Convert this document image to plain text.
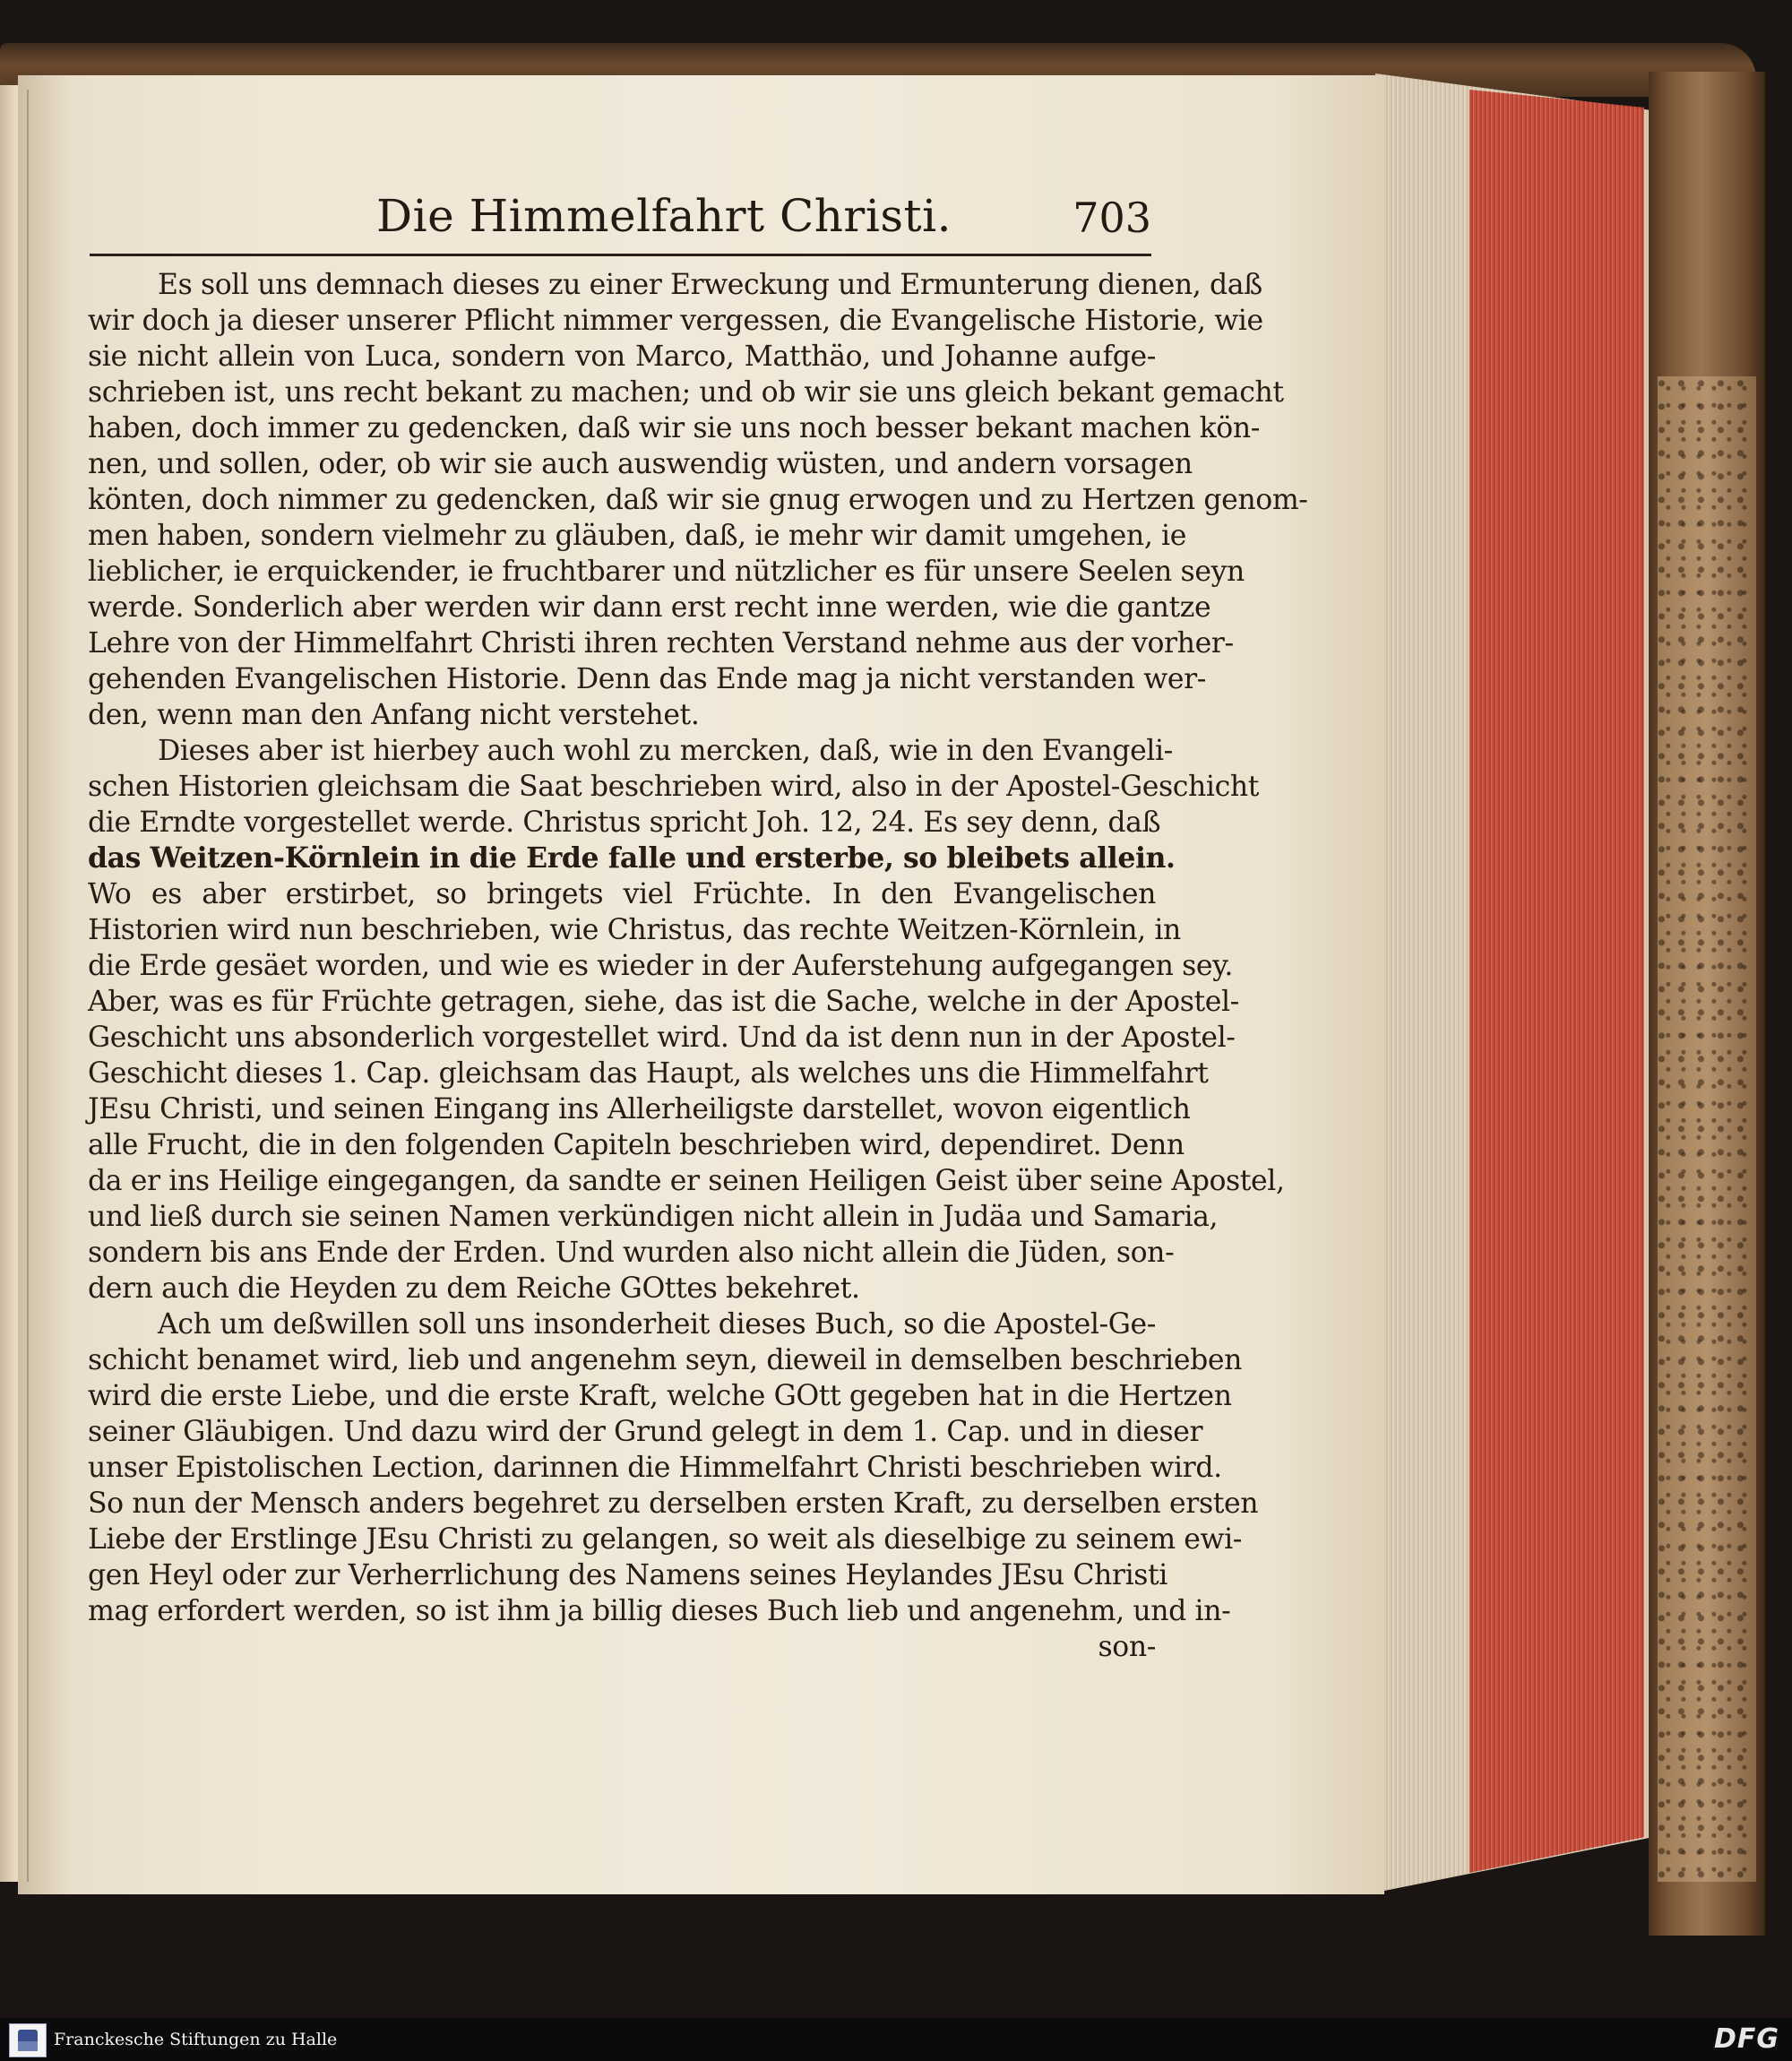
Die Himmelfahrt Christi.	703
Es soll uns demnach dieses zu einer Erweckung und Ermunterung dienen, daß
wir doch ja dieser unserer Pflicht nimmer vergessen, die Evangelische Historie, wie
sie nicht allein von Luca, sondern von Marco, Matthäo, und Johanne aufge-
schrieben ist, uns recht bekant zu machen; und ob wir sie uns gleich bekant gemacht
haben, doch immer zu gedencken, daß wir sie uns noch besser bekant machen kön-
nen, und sollen, oder, ob wir sie auch auswendig wüsten, und andern vorsagen
könten, doch nimmer zu gedencken, daß wir sie gnug erwogen und zu Hertzen genom-
men haben, sondern vielmehr zu gläuben, daß, ie mehr wir damit umgehen, ie
lieblicher, ie erquickender, ie fruchtbarer und nützlicher es für unsere Seelen seyn
werde. Sonderlich aber werden wir dann erst recht inne werden, wie die gantze
Lehre von der Himmelfahrt Christi ihren rechten Verstand nehme aus der vorher-
gehenden Evangelischen Historie. Denn das Ende mag ja nicht verstanden wer-
den, wenn man den Anfang nicht verstehet.
Dieses aber ist hierbey auch wohl zu mercken, daß, wie in den Evangeli-
schen Historien gleichsam die Saat beschrieben wird, also in der Apostel-Geschicht
die Erndte vorgestellet werde. Christus spricht Joh. 12, 24. Es sey denn, daß
das Weitzen-Körnlein in die Erde falle und ersterbe, so bleibets allein.
Wo es aber erstirbet, so bringets viel Früchte. In den Evangelischen
Historien wird nun beschrieben, wie Christus, das rechte Weitzen-Körnlein, in
die Erde gesäet worden, und wie es wieder in der Auferstehung aufgegangen sey.
Aber, was es für Früchte getragen, siehe, das ist die Sache, welche in der Apostel-
Geschicht uns absonderlich vorgestellet wird. Und da ist denn nun in der Apostel-
Geschicht dieses 1. Cap. gleichsam das Haupt, als welches uns die Himmelfahrt
JEsu Christi, und seinen Eingang ins Allerheiligste darstellet, wovon eigentlich
alle Frucht, die in den folgenden Capiteln beschrieben wird, dependiret. Denn
da er ins Heilige eingegangen, da sandte er seinen Heiligen Geist über seine Apostel,
und ließ durch sie seinen Namen verkündigen nicht allein in Judäa und Samaria,
sondern bis ans Ende der Erden. Und wurden also nicht allein die Jüden, son-
dern auch die Heyden zu dem Reiche GOttes bekehret.
Ach um deßwillen soll uns insonderheit dieses Buch, so die Apostel-Ge-
schicht benamet wird, lieb und angenehm seyn, dieweil in demselben beschrieben
wird die erste Liebe, und die erste Kraft, welche GOtt gegeben hat in die Hertzen
seiner Gläubigen. Und dazu wird der Grund gelegt in dem 1. Cap. und in dieser
unser Epistolischen Lection, darinnen die Himmelfahrt Christi beschrieben wird.
So nun der Mensch anders begehret zu derselben ersten Kraft, zu derselben ersten
Liebe der Erstlinge JEsu Christi zu gelangen, so weit als dieselbige zu seinem ewi-
gen Heyl oder zur Verherrlichung des Namens seines Heylandes JEsu Christi
mag erfordert werden, so ist ihm ja billig dieses Buch lieb und angenehm, und in-
son-
Franckesche Stiftungen zu Halle	DFG
